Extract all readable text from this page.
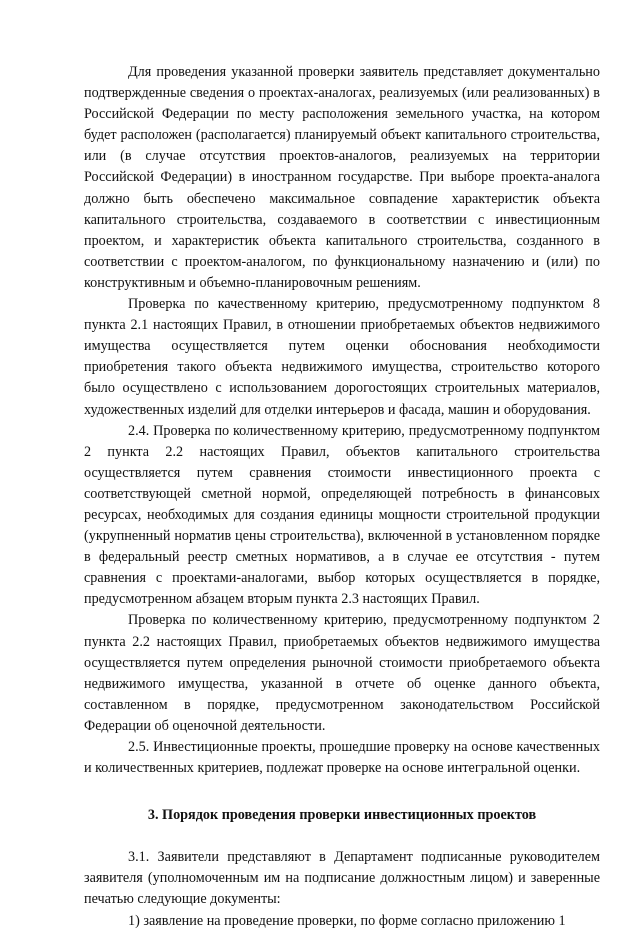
Для проведения указанной проверки заявитель представляет документально подтвержденные сведения о проектах-аналогах, реализуемых (или реализованных) в Российской Федерации по месту расположения земельного участка, на котором будет расположен (располагается) планируемый объект капитального строительства, или (в случае отсутствия проектов-аналогов, реализуемых на территории Российской Федерации) в иностранном государстве. При выборе проекта-аналога должно быть обеспечено максимальное совпадение характеристик объекта капитального строительства, создаваемого в соответствии с инвестиционным проектом, и характеристик объекта капитального строительства, созданного в соответствии с проектом-аналогом, по функциональному назначению и (или) по конструктивным и объемно-планировочным решениям.

Проверка по качественному критерию, предусмотренному подпунктом 8 пункта 2.1 настоящих Правил, в отношении приобретаемых объектов недвижимого имущества осуществляется путем оценки обоснования необходимости приобретения такого объекта недвижимого имущества, строительство которого было осуществлено с использованием дорогостоящих строительных материалов, художественных изделий для отделки интерьеров и фасада, машин и оборудования.

2.4. Проверка по количественному критерию, предусмотренному подпунктом 2 пункта 2.2 настоящих Правил, объектов капитального строительства осуществляется путем сравнения стоимости инвестиционного проекта с соответствующей сметной нормой, определяющей потребность в финансовых ресурсах, необходимых для создания единицы мощности строительной продукции (укрупненный норматив цены строительства), включенной в установленном порядке в федеральный реестр сметных нормативов, а в случае ее отсутствия - путем сравнения с проектами-аналогами, выбор которых осуществляется в порядке, предусмотренном абзацем вторым пункта 2.3 настоящих Правил.

Проверка по количественному критерию, предусмотренному подпунктом 2 пункта 2.2 настоящих Правил, приобретаемых объектов недвижимого имущества осуществляется путем определения рыночной стоимости приобретаемого объекта недвижимого имущества, указанной в отчете об оценке данного объекта, составленном в порядке, предусмотренном законодательством Российской Федерации об оценочной деятельности.

2.5. Инвестиционные проекты, прошедшие проверку на основе качественных и количественных критериев, подлежат проверке на основе интегральной оценки.

3. Порядок проведения проверки инвестиционных проектов

3.1. Заявители представляют в Департамент подписанные руководителем заявителя (уполномоченным им на подписание должностным лицом) и заверенные печатью следующие документы:

1) заявление на проведение проверки, по форме согласно приложению 1
